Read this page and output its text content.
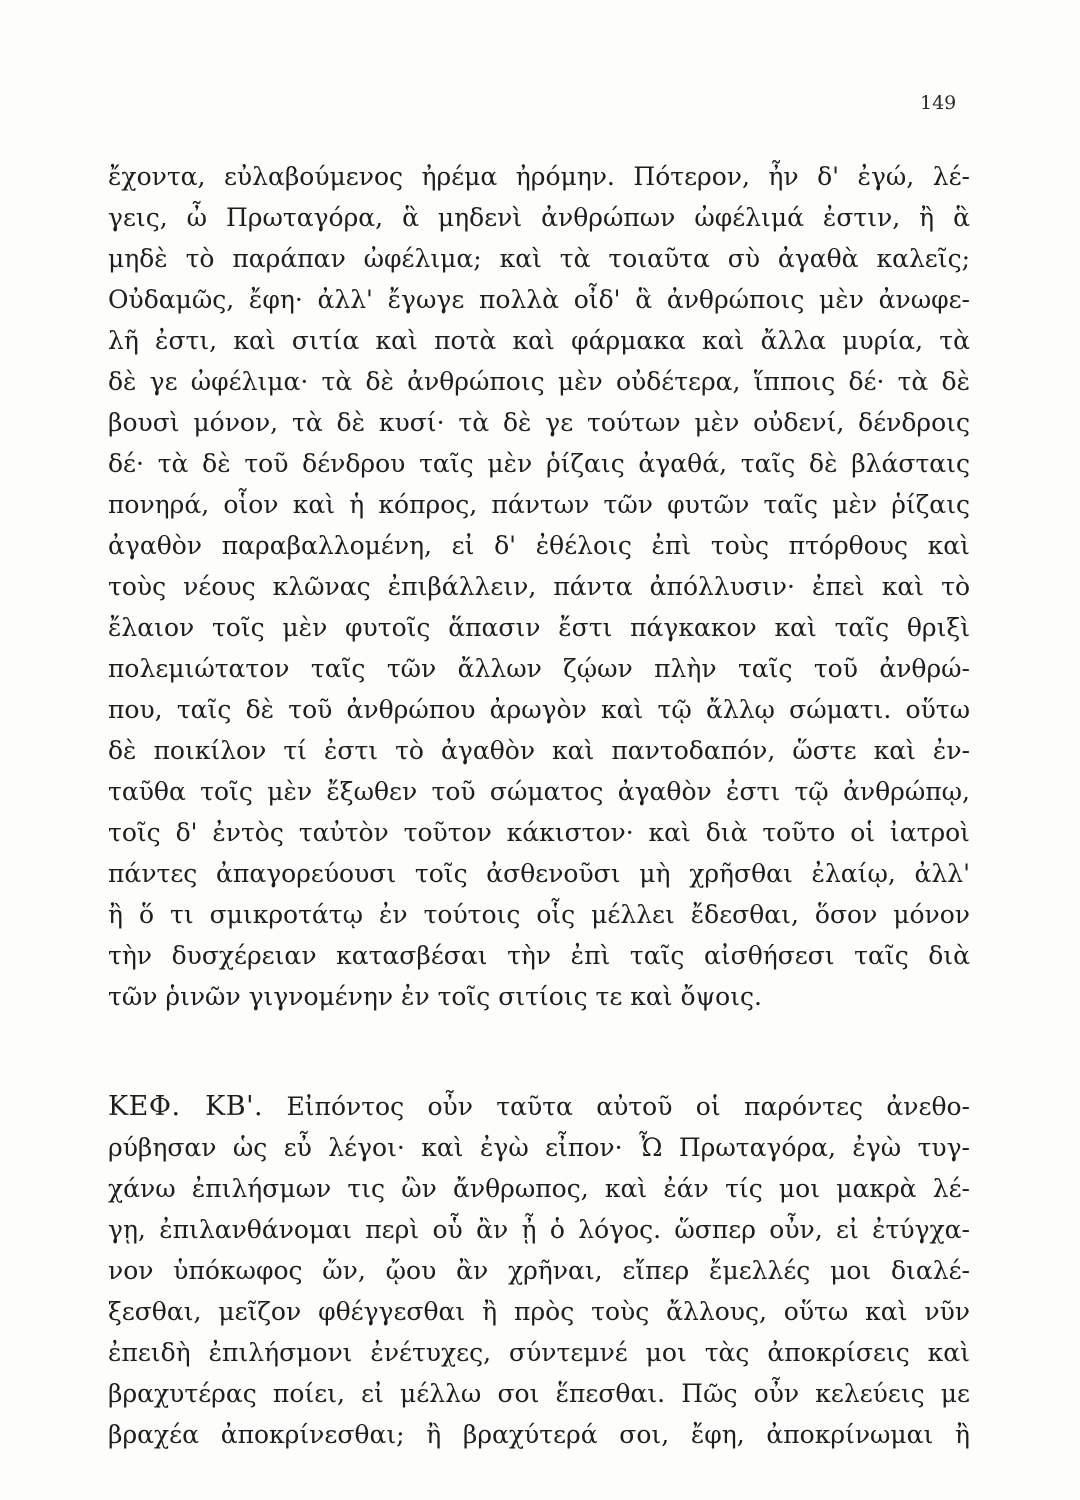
149
ἔχοντα, εὐλαβούμενος ἠρέμα ἠρόμην. Πότερον, ἦν δ' ἐγώ, λέ-
γεις, ὦ Πρωταγόρα, ἃ μηδενὶ ἀνθρώπων ὠφέλιμά ἐστιν, ἢ ἃ
μηδὲ τὸ παράπαν ὠφέλιμα; καὶ τὰ τοιαῦτα σὺ ἀγαθὰ καλεῖς;
Οὐδαμῶς, ἔφη· ἀλλ' ἔγωγε πολλὰ οἶδ' ἃ ἀνθρώποις μὲν ἀνωφε-
λῆ ἐστι, καὶ σιτία καὶ ποτὰ καὶ φάρμακα καὶ ἄλλα μυρία, τὰ
δὲ γε ὠφέλιμα· τὰ δὲ ἀνθρώποις μὲν οὐδέτερα, ἵπποις δέ· τὰ δὲ
βουσὶ μόνον, τὰ δὲ κυσί· τὰ δὲ γε τούτων μὲν οὐδενί, δένδροις
δέ· τὰ δὲ τοῦ δένδρου ταῖς μὲν ῥίζαις ἀγαθά, ταῖς δὲ βλάσταις
πονηρά, οἷον καὶ ἡ κόπρος, πάντων τῶν φυτῶν ταῖς μὲν ῥίζαις
ἀγαθὸν παραβαλλομένη, εἰ δ' ἐθέλοις ἐπὶ τοὺς πτόρθους καὶ
τοὺς νέους κλῶνας ἐπιβάλλειν, πάντα ἀπόλλυσιν· ἐπεὶ καὶ τὸ
ἔλαιον τοῖς μὲν φυτοῖς ἅπασιν ἔστι πάγκακον καὶ ταῖς θριξὶ
πολεμιώτατον ταῖς τῶν ἄλλων ζῴων πλὴν ταῖς τοῦ ἀνθρώ-
που, ταῖς δὲ τοῦ ἀνθρώπου ἀρωγὸν καὶ τῷ ἄλλῳ σώματι. οὕτω
δὲ ποικίλον τί ἐστι τὸ ἀγαθὸν καὶ παντοδαπόν, ὥστε καὶ ἐν-
ταῦθα τοῖς μὲν ἔξωθεν τοῦ σώματος ἀγαθὸν ἐστι τῷ ἀνθρώπῳ,
τοῖς δ' ἐντὸς ταὐτὸν τοῦτον κάκιστον· καὶ διὰ τοῦτο οἱ ἰατροὶ
πάντες ἀπαγορεύουσι τοῖς ἀσθενοῦσι μὴ χρῆσθαι ἐλαίῳ, ἀλλ'
ἢ ὅ τι σμικροτάτῳ ἐν τούτοις οἷς μέλλει ἔδεσθαι, ὅσον μόνον
τὴν δυσχέρειαν κατασβέσαι τὴν ἐπὶ ταῖς αἰσθήσεσι ταῖς διὰ
τῶν ῥινῶν γιγνομένην ἐν τοῖς σιτίοις τε καὶ ὄψοις.
ΚΕΦ. ΚΒ'. Εἰπόντος οὖν ταῦτα αὐτοῦ οἱ παρόντες ἀνεθο-
ρύβησαν ὡς εὖ λέγοι· καὶ ἐγὼ εἶπον· Ὦ Πρωταγόρα, ἐγὼ τυγ-
χάνω ἐπιλήσμων τις ὢν ἄνθρωπος, καὶ ἐάν τίς μοι μακρὰ λέ-
γῃ, ἐπιλανθάνομαι περὶ οὗ ἂν ᾖ ὁ λόγος. ὥσπερ οὖν, εἰ ἐτύγχα-
νον ὑπόκωφος ὤν, ᾤου ἂν χρῆναι, εἴπερ ἔμελλές μοι διαλέ-
ξεσθαι, μεῖζον φθέγγεσθαι ἢ πρὸς τοὺς ἄλλους, οὕτω καὶ νῦν
ἐπειδὴ ἐπιλήσμονι ἐνέτυχες, σύντεμνέ μοι τὰς ἀποκρίσεις καὶ
βραχυτέρας ποίει, εἰ μέλλω σοι ἕπεσθαι. Πῶς οὖν κελεύεις με
βραχέα ἀποκρίνεσθαι; ἢ βραχύτερά σοι, ἔφη, ἀποκρίνωμαι ἢ
